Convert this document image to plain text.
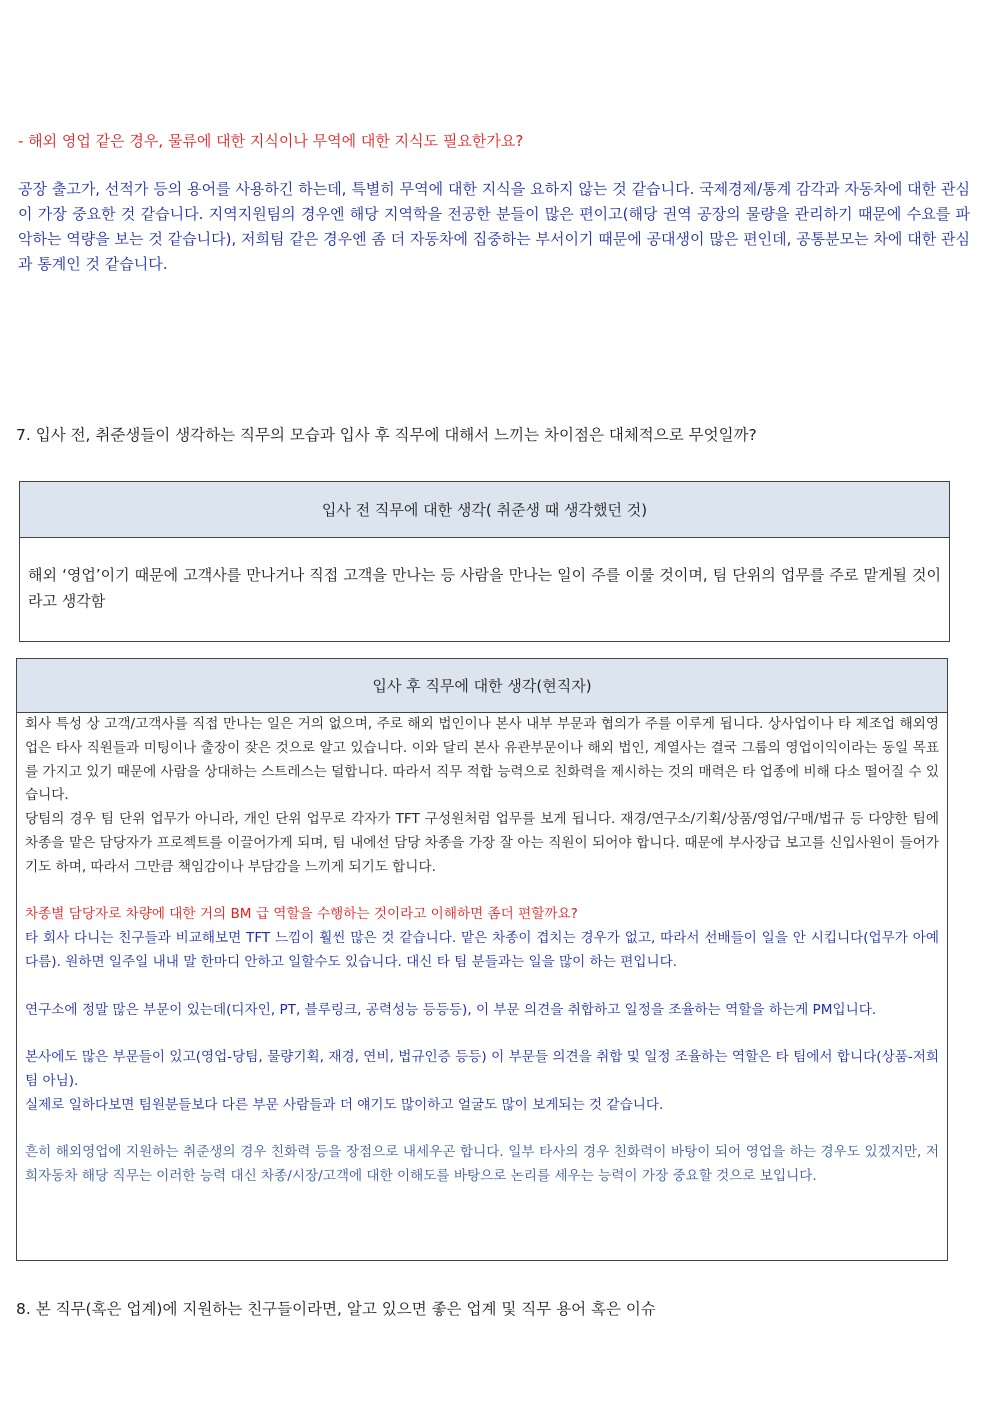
- 해외 영업 같은 경우, 물류에 대한 지식이나 무역에 대한 지식도 필요한가요?
공장 출고가, 선적가 등의 용어를 사용하긴 하는데, 특별히 무역에 대한 지식을 요하지 않는 것 같습니다. 국제경제/통계 감각과 자동차에 대한 관심이 가장 중요한 것 같습니다. 지역지원팀의 경우엔 해당 지역학을 전공한 분들이 많은 편이고(해당 권역 공장의 물량을 관리하기 때문에 수요를 파악하는 역량을 보는 것 같습니다), 저희팀 같은 경우엔 좀 더 자동차에 집중하는 부서이기 때문에 공대생이 많은 편인데, 공통분모는 차에 대한 관심과 통계인 것 같습니다.
7. 입사 전, 취준생들이 생각하는 직무의 모습과 입사 후 직무에 대해서 느끼는 차이점은 대체적으로 무엇일까?
입사 전 직무에 대한 생각( 취준생 때 생각했던 것)
해외 ‘영업’이기 때문에 고객사를 만나거나 직접 고객을 만나는 등 사람을 만나는 일이 주를 이룰 것이며, 팀 단위의 업무를 주로 맡게될 것이라고 생각함
입사 후 직무에 대한 생각(현직자)

회사 특성 상 고객/고객사를 직접 만나는 일은 거의 없으며, 주로 해외 법인이나 본사 내부 부문과 협의가 주를 이루게 됩니다. 상사업이나 타 제조업 해외영업은 타사 직원들과 미팅이나 출장이 잦은 것으로 알고 있습니다. 이와 달리 본사 유관부문이나 해외 법인, 계열사는 결국 그룹의 영업이익이라는 동일 목표를 가지고 있기 때문에 사람을 상대하는 스트레스는 덜합니다. 따라서 직무 적합 능력으로 친화력을 제시하는 것의 매력은 타 업종에 비해 다소 떨어질 수 있습니다.

당팀의 경우 팀 단위 업무가 아니라, 개인 단위 업무로 각자가 TFT 구성원처럼 업무를 보게 됩니다. 재경/연구소/기획/상품/영업/구매/법규 등 다양한 팀에 차종을 맡은 담당자가 프로젝트를 이끌어가게 되며, 팀 내에선 담당 차종을 가장 잘 아는 직원이 되어야 합니다. 때문에 부사장급 보고를 신입사원이 들어가기도 하며, 따라서 그만큼 책임감이나 부담감을 느끼게 되기도 합니다.

차종별 담당자로 차량에 대한 거의 BM 급 역할을 수행하는 것이라고 이해하면 좀더 편할까요?

타 회사 다니는 친구들과 비교해보면 TFT 느낌이 훨씬 많은 것 같습니다. 맡은 차종이 겹치는 경우가 없고, 따라서 선배들이 일을 안 시킵니다(업무가 아예 다름). 원하면 일주일 내내 말 한마디 안하고 일할수도 있습니다. 대신 타 팀 분들과는 일을 많이 하는 편입니다.

연구소에 정말 많은 부문이 있는데(디자인, PT, 블루링크, 공력성능 등등등), 이 부문 의견을 취합하고 일정을 조율하는 역할을 하는게 PM입니다.

본사에도 많은 부문들이 있고(영업-당팀, 물량기획, 재경, 연비, 법규인증 등등) 이 부문들 의견을 취합 및 일정 조율하는 역할은 타 팀에서 합니다(상품-저희팀 아님).

실제로 일하다보면 팀원분들보다 다른 부문 사람들과 더 얘기도 많이하고 얼굴도 많이 보게되는 것 같습니다.

흔히 해외영업에 지원하는 취준생의 경우 친화력 등을 장점으로 내세우곤 합니다. 일부 타사의 경우 친화력이 바탕이 되어 영업을 하는 경우도 있겠지만, 저희자동차 해당 직무는 이러한 능력 대신 차종/시장/고객에 대한 이해도를 바탕으로 논리를 세우는 능력이 가장 중요할 것으로 보입니다.

8. 본 직무(혹은 업계)에 지원하는 친구들이라면, 알고 있으면 좋은 업계 및 직무 용어 혹은 이슈
